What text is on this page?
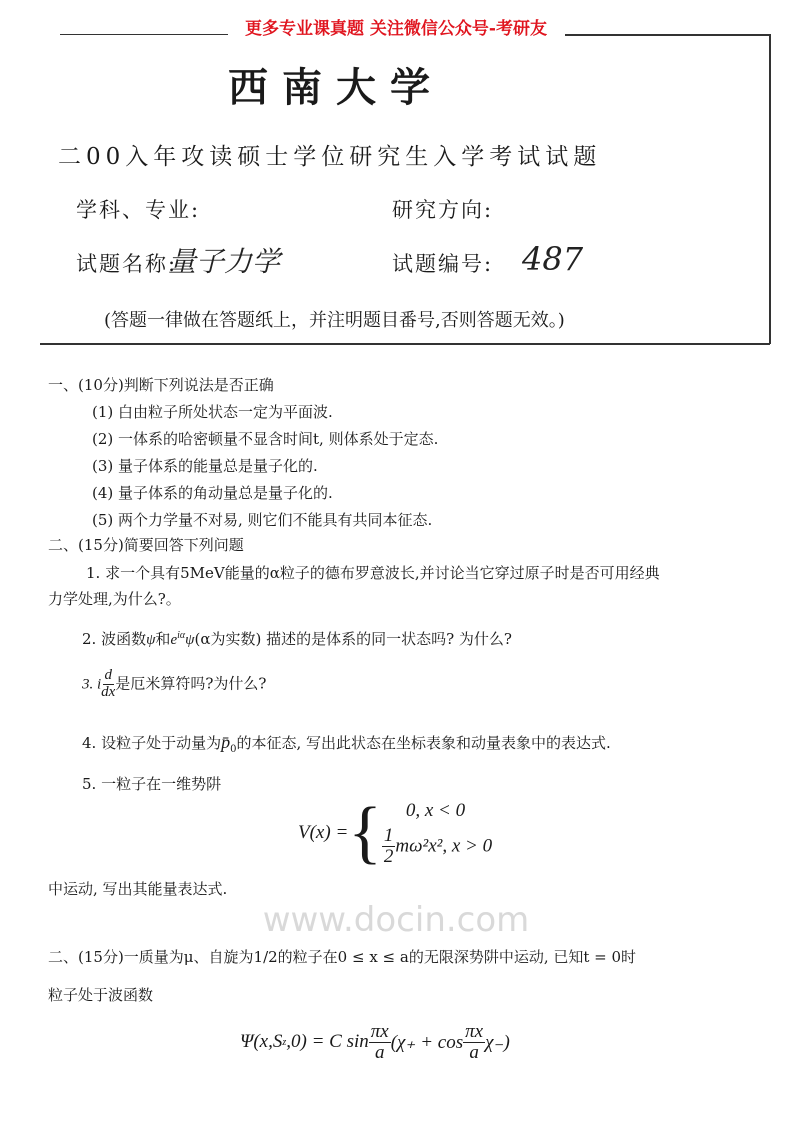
更多专业课真题 关注微信公众号-考研友
西南大学
二00入年攻读硕士学位研究生入学考试试题
学科、专业:	研究方向:
试题名称:
量子力学	试题编号: 487
(答题一律做在答题纸上，并注明题目番号,否则答题无效。)
一、(10分)判断下列说法是否正确
(1) 白由粒子所处状态一定为平面波.
(2) 一体系的哈密顿量不显含时间t, 则体系处于定态.
(3) 量子体系的能量总是量子化的.
(4) 量子体系的角动量总是量子化的.
(5) 两个力学量不对易, 则它们不能具有共同本征态.
二、(15分)简要回答下列问题
1. 求一个具有5MeV能量的α粒子的德布罗意波长,并讨论当它穿过原子时是否可用经典
力学处理,为什么?。
2. 波函数ψ和$e^{i\alpha}\psi(\alpha$为实数) 描述的是体系的同一状态吗? 为什么?
3. i $\frac{d}{dx}$ 是厄米算符吗?为什么?
4. 设粒子处于动量为$p̄_0$的本征态, 写出此状态在坐标表象和动量表象中的表达式.
5. 一粒子在一维势阱
V(x) = {	0, x < 0
$\frac{1}{2} m\omega^2x^2$, x > 0
中运动, 写出其能量表达式.
www.docin.com
二、(15分)一质量为μ、自旋为1/2的粒子在0 ≤ x ≤ a的无限深势阱中运动, 已知t = 0时
粒子处于波函数
Ψ(x,S z ,0) = C $\sin \frac{\pi x}{a} (\chi_+ + \cos \frac{\pi x}{a} \chi_-)$
